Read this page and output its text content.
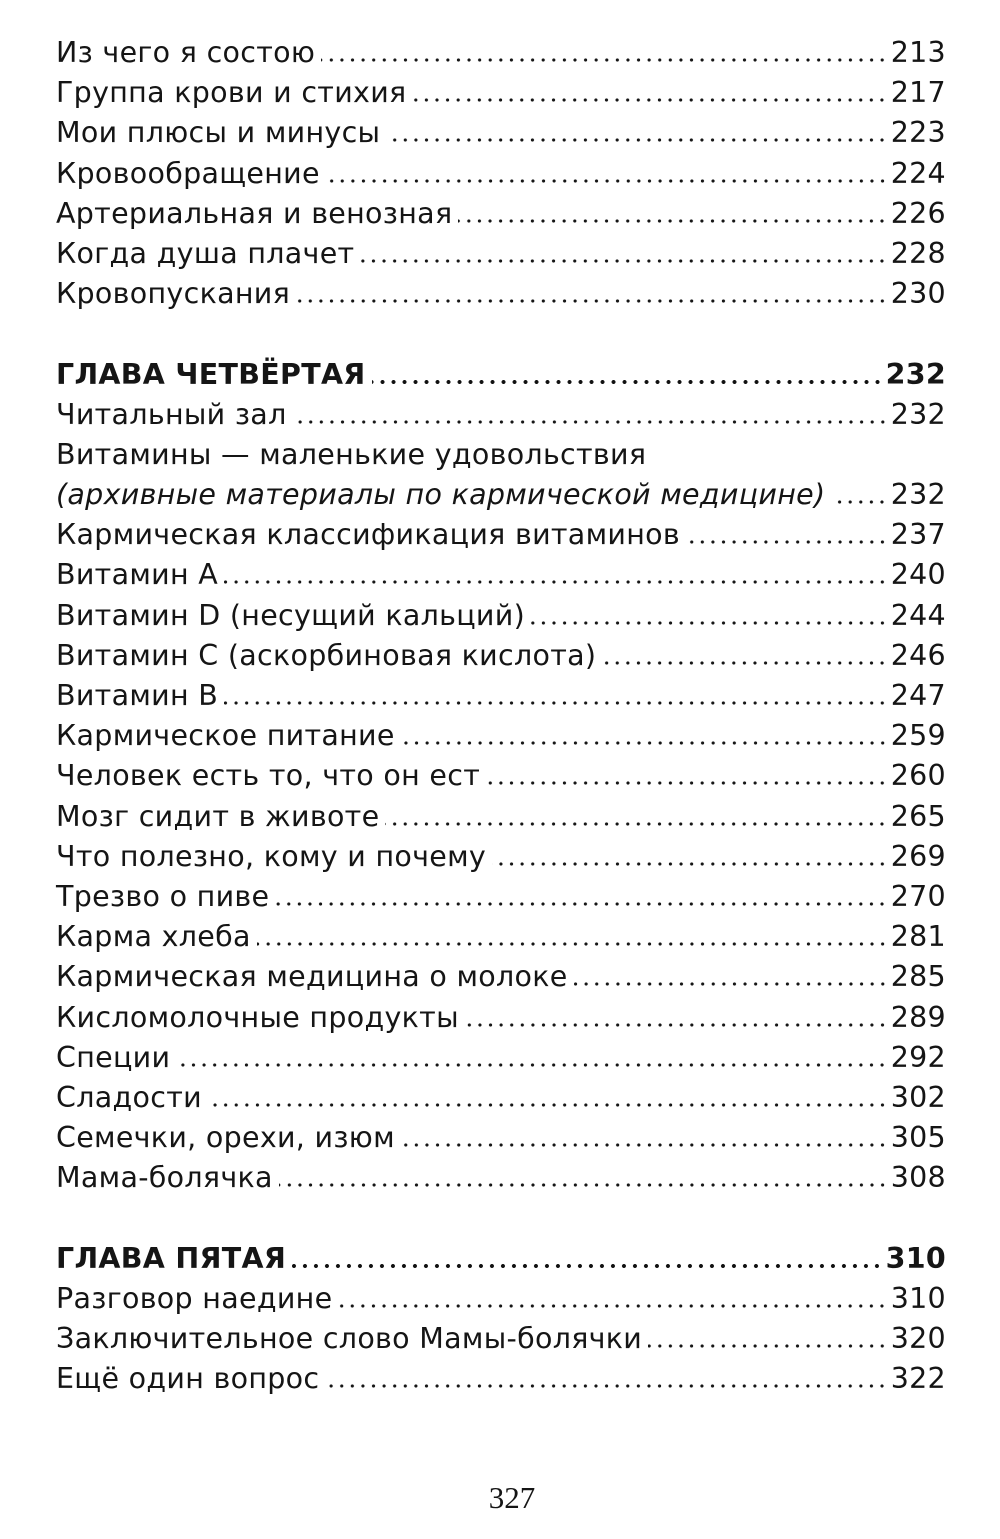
Из чего я состою	213
Группа крови и стихия	217
Мои плюсы и минусы	223
Кровообращение	224
Артериальная и венозная	226
Когда душа плачет	228
Кровопускания	230
ГЛАВА ЧЕТВЁРТАЯ	232
Читальный зал	232
Витамины — маленькие удовольствия
(архивные материалы по кармической медицине) 232
Кармическая классификация витаминов	237
Витамин А	240
Витамин D (несущий кальций)	244
Витамин С (аскорбиновая кислота)	246
Витамин В	247
Кармическое питание	259
Человек есть то, что он ест	260
Мозг сидит в животе	265
Что полезно, кому и почему	269
Трезво о пиве	270
Карма хлеба	281
Кармическая медицина о молоке	285
Кисломолочные продукты	289
Специи	292
Сладости	302
Семечки, орехи, изюм	305
Мама-болячка	308
ГЛАВА ПЯТАЯ	310
Разговор наедине	310
Заключительное слово Мамы-болячки	320
Ещё один вопрос	322
327
